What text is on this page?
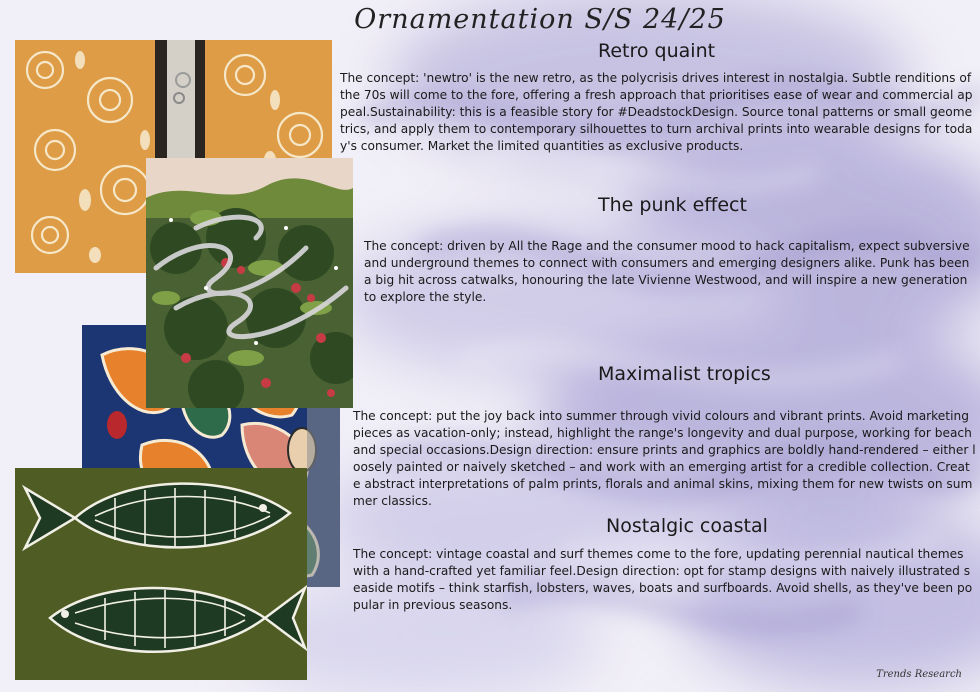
Ornamentation S/S 24/25
Retro quaint
The concept: 'newtro' is the new retro, as the polycrisis drives interest in nostalgia. Subtle renditions of the 70s will come to the fore, offering a fresh approach that prioritises ease of wear and commercial appeal.Sustainability: this is a feasible story for #DeadstockDesign. Source tonal patterns or small geometrics, and apply them to contemporary silhouettes to turn archival prints into wearable designs for today's consumer. Market the limited quantities as exclusive products.
The punk effect
The concept: driven by All the Rage and the consumer mood to hack capitalism, expect subversive and underground themes to connect with consumers and emerging designers alike. Punk has been a big hit across catwalks, honouring the late Vivienne Westwood, and will inspire a new generation to explore the style.
Maximalist tropics
The concept: put the joy back into summer through vivid colours and vibrant prints. Avoid marketing pieces as vacation-only; instead, highlight the range's longevity and dual purpose, working for beach and special occasions.Design direction: ensure prints and graphics are boldly hand-rendered – either loosely painted or naively sketched – and work with an emerging artist for a credible collection. Create abstract interpretations of palm prints, florals and animal skins, mixing them for new twists on summer classics.
Nostalgic coastal
The concept: vintage coastal and surf themes come to the fore, updating perennial nautical themes with a hand-crafted yet familiar feel.Design direction: opt for stamp designs with naively illustrated seaside motifs – think starfish, lobsters, waves, boats and surfboards. Avoid shells, as they've been popular in previous seasons.
Trends Research
